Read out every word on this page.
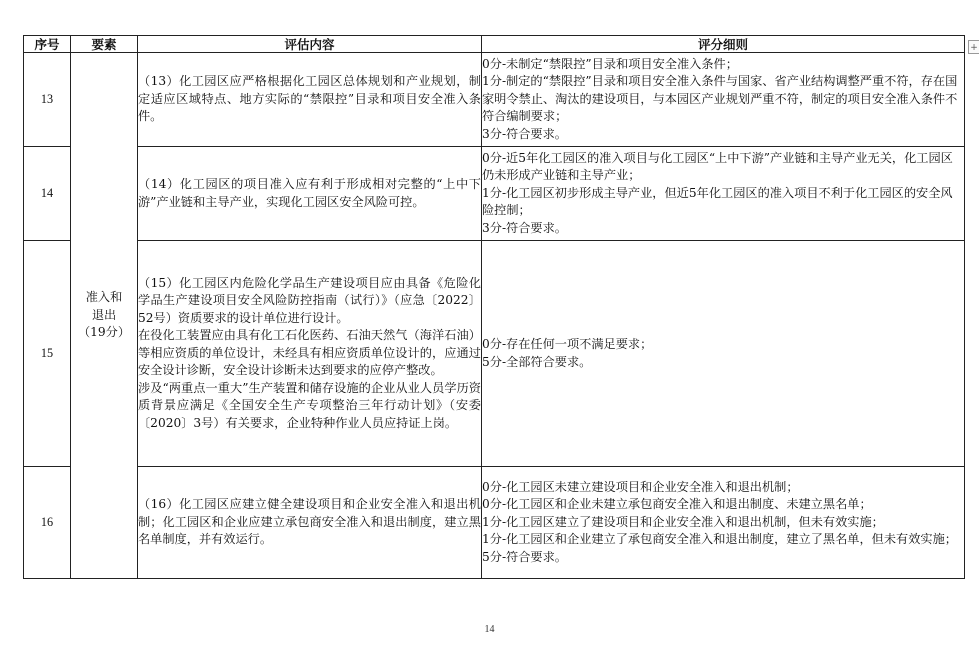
+
序号	要素	评估内容	评分细则
13	准入和
退出
（19分）	（13）化工园区应严格根据化工园区总体规划和产业规划，制定适应区域特点、地方实际的“禁限控”目录和项目安全准入条件。	0分-未制定“禁限控”目录和项目安全准入条件；
1分-制定的“禁限控”目录和项目安全准入条件与国家、省产业结构调整严重不符，存在国家明令禁止、淘汰的建设项目，与本园区产业规划严重不符，制定的项目安全准入条件不符合编制要求；
3分-符合要求。

14		（14）化工园区的项目准入应有利于形成相对完整的“上中下游”产业链和主导产业，实现化工园区安全风险可控。	0分-近5年化工园区的准入项目与化工园区“上中下游”产业链和主导产业无关，化工园区仍未形成产业链和主导产业；
1分-化工园区初步形成主导产业，但近5年化工园区的准入项目不利于化工园区的安全风险控制；
3分-符合要求。

15		（15）化工园区内危险化学品生产建设项目应由具备《危险化学品生产建设项目安全风险防控指南（试行）》（应急〔2022〕52号）资质要求的设计单位进行设计。
在役化工装置应由具有化工石化医药、石油天然气（海洋石油）等相应资质的单位设计，未经具有相应资质单位设计的，应通过安全设计诊断，安全设计诊断未达到要求的应停产整改。
涉及“两重点一重大”生产装置和储存设施的企业从业人员学历资质背景应满足《全国安全生产专项整治三年行动计划》（安委〔2020〕3号）有关要求，企业特种作业人员应持证上岗。	0分-存在任何一项不满足要求；
5分-全部符合要求。

16		（16）化工园区应建立健全建设项目和企业安全准入和退出机制；化工园区和企业应建立承包商安全准入和退出制度，建立黑名单制度，并有效运行。	0分-化工园区未建立建设项目和企业安全准入和退出机制；
0分-化工园区和企业未建立承包商安全准入和退出制度、未建立黑名单；
1分-化工园区建立了建设项目和企业安全准入和退出机制，但未有效实施；
1分-化工园区和企业建立了承包商安全准入和退出制度，建立了黑名单，但未有效实施；
5分-符合要求。
14
